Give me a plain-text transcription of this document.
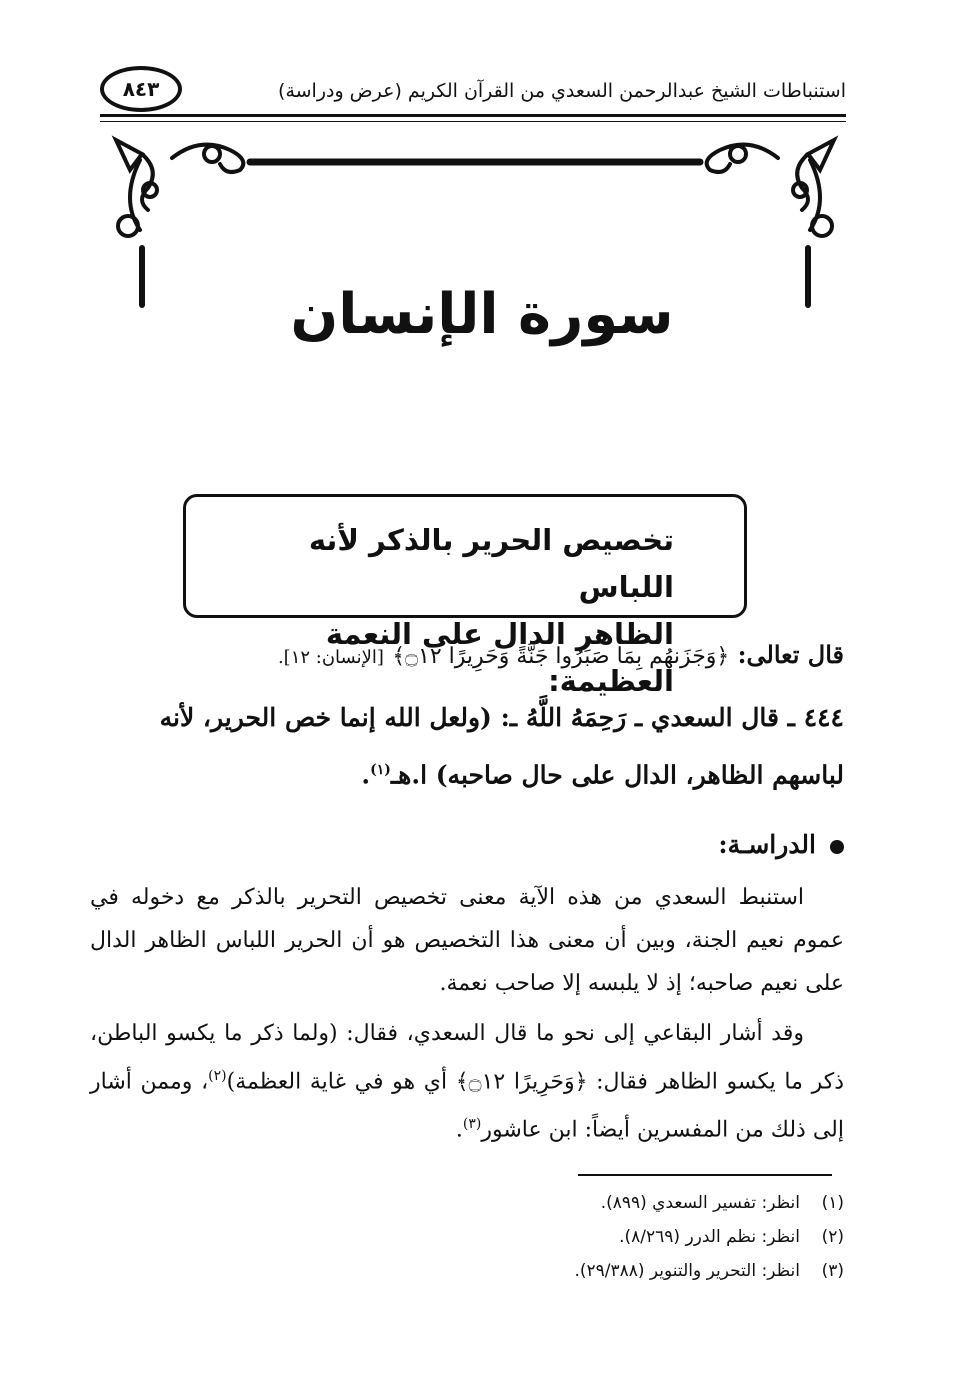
استنباطات الشيخ عبدالرحمن السعدي من القرآن الكريم (عرض ودراسة)
٨٤٣
سورة الإنسان
تخصيص الحرير بالذكر لأنه اللباس
الظاهر الدال على النعمة العظيمة:
قال تعالى: ﴿وَجَزَنهُم بِمَا صَبَرُوا جَنَّةً وَحَرِيرًا ۝١٢﴾ [الإنسان: ١٢].
٤٤٤ ـ قال السعدي ـ رَحِمَهُ اللَّهُ ـ: (ولعل الله إنما خص الحرير، لأنه لباسهم الظاهر، الدال على حال صاحبه) ا.هـ$^{(١)}$.
الدراسـة:
استنبط السعدي من هذه الآية معنى تخصيص التحرير بالذكر مع دخوله في عموم نعيم الجنة، وبين أن معنى هذا التخصيص هو أن الحرير اللباس الظاهر الدال على نعيم صاحبه؛ إذ لا يلبسه إلا صاحب نعمة.
وقد أشار البقاعي إلى نحو ما قال السعدي، فقال: (ولما ذكر ما يكسو الباطن، ذكر ما يكسو الظاهر فقال: ﴿وَحَرِيرًا ۝١٢﴾ أي هو في غاية العظمة)$^{(٢)}$، وممن أشار إلى ذلك من المفسرين أيضاً: ابن عاشور$^{(٣)}$.
(١)انظر: تفسير السعدي (٨٩٩).
(٢)انظر: نظم الدرر (٨/٢٦٩).
(٣)انظر: التحرير والتنوير (٢٩/٣٨٨).
